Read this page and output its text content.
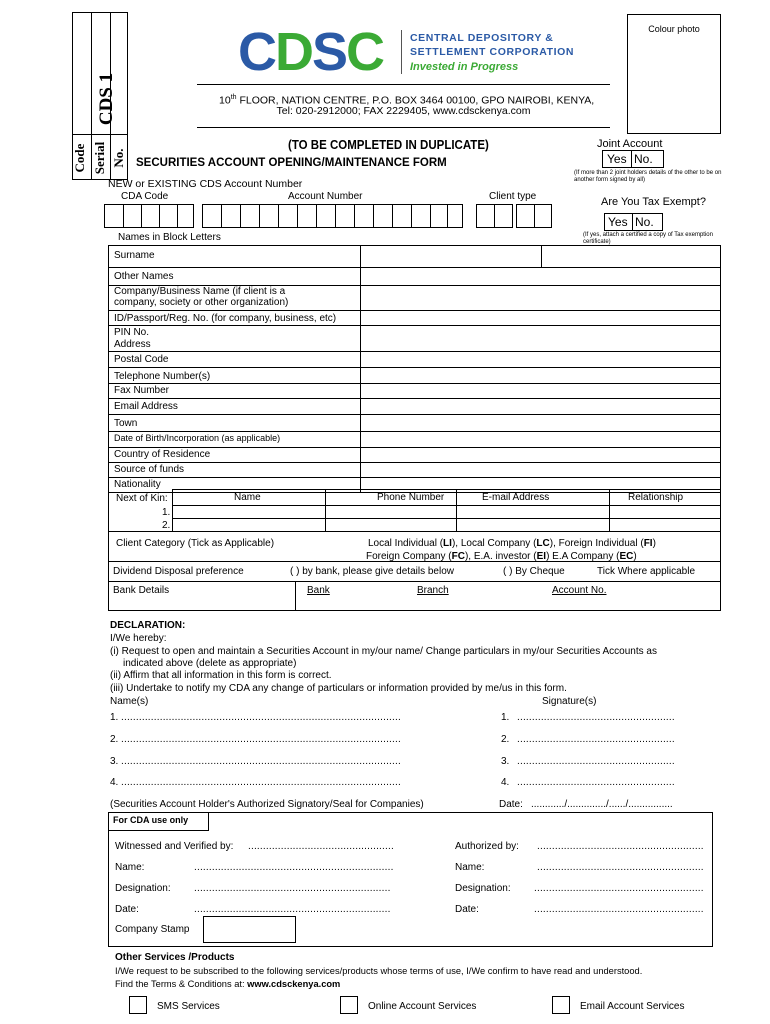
CDS 1
Code Serial No.
Colour photo
CDSC	CENTRAL DEPOSITORY &
SETTLEMENT CORPORATION
Invested in Progress
10th FLOOR, NATION CENTRE, P.O. BOX 3464 00100, GPO NAIROBI, KENYA,
Tel: 020-2912000; FAX 2229405, www.cdsckenya.com
(TO BE COMPLETED IN DUPLICATE)
SECURITIES ACCOUNT OPENING/MAINTENANCE FORM
Joint Account
Yes No.
(If more than 2 joint holders details of the other to be on another form signed by all)
NEW or EXISTING CDS Account Number
CDA Code	Account Number	Client type	Are You Tax Exempt?
Yes No.
(If yes, attach a certified a copy of Tax exemption certificate)
Names in Block Letters
Surname
Other Names
Company/Business Name (if client is a
company, society or other organization)
ID/Passport/Reg. No. (for company, business, etc)
PIN No.
Address
Postal Code
Telephone Number(s)
Fax Number
Email Address
Town
Date of Birth/Incorporation (as applicable)
Country of Residence
Source of funds
Nationality
Next of Kin:	Name	Phone Number	E-mail Address	Relationship
1.
2.
Client Category (Tick as Applicable)	Local Individual (LI), Local Company (LC), Foreign Individual (FI)
Foreign Company (FC), E.A. investor (EI) E.A Company (EC)
Dividend Disposal preference	( ) by bank, please give details below	( ) By Cheque	Tick Where applicable
Bank Details	Bank	Branch	Account No.
DECLARATION:
I/We hereby:
(i) Request to open and maintain a Securities Account in my/our name/ Change particulars in my/our Securities Accounts as
indicated above (delete as appropriate)
(ii) Affirm that all information in this form is correct.
(iii) Undertake to notify my CDA any change of particulars or information provided by me/us in this form.
Name(s)	Signature(s)
1. ..............................................................................................	1. .....................................................
2. ..............................................................................................	2. .....................................................
3. ..............................................................................................	3. .....................................................
4. ..............................................................................................	4. .....................................................
(Securities Account Holder's Authorized Signatory/Seal for Companies)	Date: ............/............../....../................
For CDA use only
Witnessed and Verified by: .................................................	Authorized by: ........................................................
Name:	...................................................................	Name:	........................................................
Designation: ..................................................................	Designation: .........................................................
Date:	..................................................................	Date:	.........................................................
Company Stamp
Other Services /Products
I/We request to be subscribed to the following services/products whose terms of use, I/We confirm to have read and understood.
Find the Terms & Conditions at: www.cdsckenya.com
SMS Services	Online Account Services	Email Account Services
